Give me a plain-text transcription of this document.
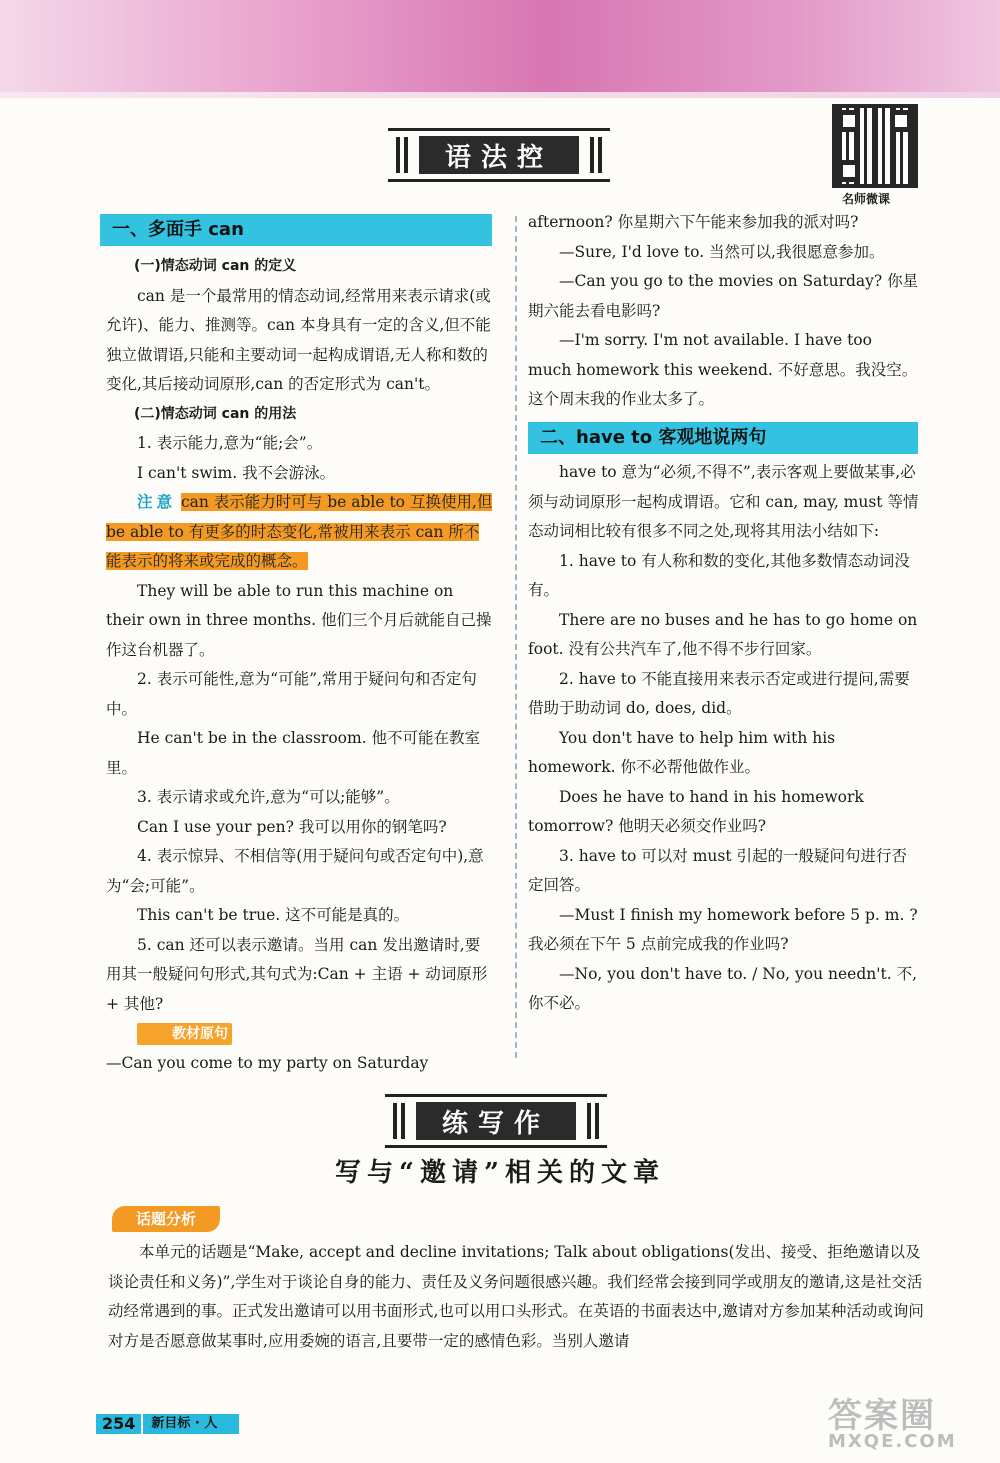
语法控
名师微课
一、多面手 can

(一)情态动词 can 的定义

can 是一个最常用的情态动词,经常用来表示请求(或允许)、能力、推测等。can 本身具有一定的含义,但不能独立做谓语,只能和主要动词一起构成谓语,无人称和数的变化,其后接动词原形,can 的否定形式为 can't。

(二)情态动词 can 的用法

1. 表示能力,意为“能;会”。

I can't swim. 我不会游泳。

注意 can 表示能力时可与 be able to 互换使用,但 be able to 有更多的时态变化,常被用来表示 can 所不能表示的将来或完成的概念。

They will be able to run this machine on their own in three months. 他们三个月后就能自己操作这台机器了。

2. 表示可能性,意为“可能”,常用于疑问句和否定句中。

He can't be in the classroom. 他不可能在教室里。

3. 表示请求或允许,意为“可以;能够”。

Can I use your pen? 我可以用你的钢笔吗?

4. 表示惊异、不相信等(用于疑问句或否定句中),意为“会;可能”。

This can't be true. 这不可能是真的。

5. can 还可以表示邀请。当用 can 发出邀请时,要用其一般疑问句形式,其句式为:Can + 主语 + 动词原形 + 其他?

教材原句

—Can you come to my party on Saturday

afternoon? 你星期六下午能来参加我的派对吗?

—Sure, I'd love to. 当然可以,我很愿意参加。

—Can you go to the movies on Saturday? 你星期六能去看电影吗?

—I'm sorry. I'm not available. I have too much homework this weekend. 不好意思。我没空。这个周末我的作业太多了。

二、have to 客观地说两句

have to 意为“必须,不得不”,表示客观上要做某事,必须与动词原形一起构成谓语。它和 can, may, must 等情态动词相比较有很多不同之处,现将其用法小结如下:

1. have to 有人称和数的变化,其他多数情态动词没有。

There are no buses and he has to go home on foot. 没有公共汽车了,他不得不步行回家。

2. have to 不能直接用来表示否定或进行提问,需要借助于助动词 do, does, did。

You don't have to help him with his homework. 你不必帮他做作业。

Does he have to hand in his homework tomorrow? 他明天必须交作业吗?

3. have to 可以对 must 引起的一般疑问句进行否定回答。

—Must I finish my homework before 5 p. m. ? 我必须在下午 5 点前完成我的作业吗?

—No, you don't have to. / No, you needn't. 不,你不必。

练写作
写与“邀请”相关的文章
话题分析

本单元的话题是“Make, accept and decline invitations; Talk about obligations(发出、接受、拒绝邀请以及谈论责任和义务)”,学生对于谈论自身的能力、责任及义务问题很感兴趣。我们经常会接到同学或朋友的邀请,这是社交活动经常遇到的事。正式发出邀请可以用书面形式,也可以用口头形式。在英语的书面表达中,邀请对方参加某种活动或询问对方是否愿意做某事时,应用委婉的语言,且要带一定的感情色彩。当别人邀请

254	新目标 · 人	答案圈
MXQE.COM
